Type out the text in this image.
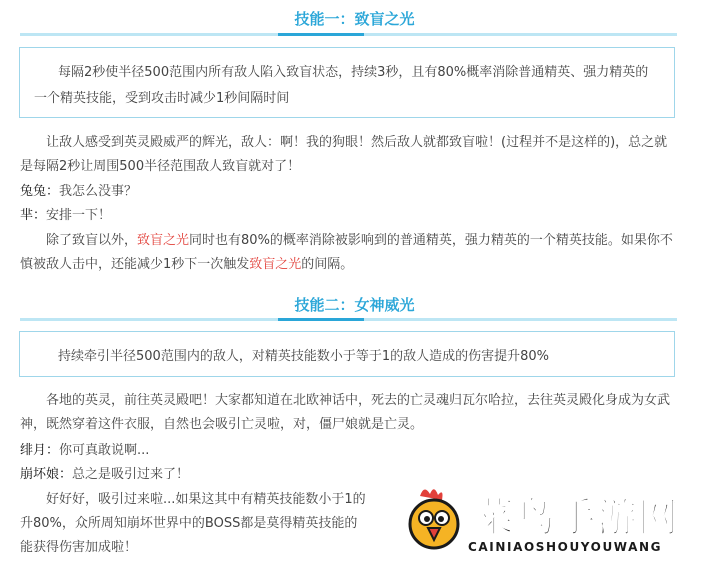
技能一：致盲之光

每隔2秒使半径500范围内所有敌人陷入致盲状态，持续3秒，且有80%概率消除普通精英、强力精英的一个精英技能，受到攻击时减少1秒间隔时间

让敌人感受到英灵殿威严的辉光，敌人：啊！我的狗眼！然后敌人就都致盲啦！(过程并不是这样的)，总之就是每隔2秒让周围500半径范围敌人致盲就对了！
兔兔：我怎么没事？
芈：安排一下！
除了致盲以外，致盲之光同时也有80%的概率消除被影响到的普通精英，强力精英的一个精英技能。如果你不慎被敌人击中，还能减少1秒下一次触发致盲之光的间隔。
技能二：女神威光

持续牵引半径500范围内的敌人，对精英技能数小于等于1的敌人造成的伤害提升80%

各地的英灵，前往英灵殿吧！大家都知道在北欧神话中，死去的亡灵魂归瓦尔哈拉，去往英灵殿化身成为女武神，既然穿着这件衣服，自然也会吸引亡灵啦，对，僵尸娘就是亡灵。
绯月：你可真敢说啊...
崩坏娘：总之是吸引过来了！
好好好，吸引过来啦...如果这其中有精英技能数小于1的
升80%，众所周知崩坏世界中的BOSS都是莫得精英技能的
能获得伤害加成啦！
菜鸟手游网
CAINIAOSHOUYOUWANG
